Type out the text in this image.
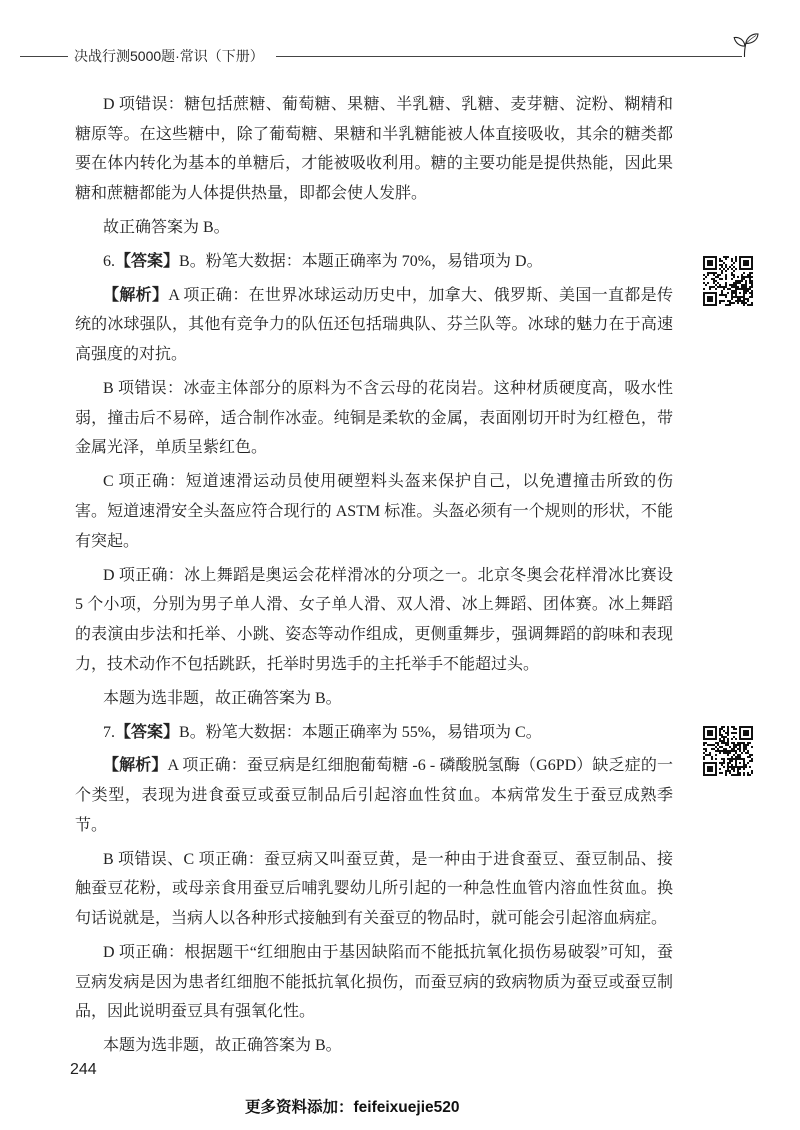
决战行测5000题·常识（下册）

D 项错误：糖包括蔗糖、葡萄糖、果糖、半乳糖、乳糖、麦芽糖、淀粉、糊精和糖原等。在这些糖中，除了葡萄糖、果糖和半乳糖能被人体直接吸收，其余的糖类都要在体内转化为基本的单糖后，才能被吸收利用。糖的主要功能是提供热能，因此果糖和蔗糖都能为人体提供热量，即都会使人发胖。

故正确答案为 B。

6.【答案】B。粉笔大数据：本题正确率为 70%，易错项为 D。

【解析】A 项正确：在世界冰球运动历史中，加拿大、俄罗斯、美国一直都是传统的冰球强队，其他有竞争力的队伍还包括瑞典队、芬兰队等。冰球的魅力在于高速高强度的对抗。

B 项错误：冰壶主体部分的原料为不含云母的花岗岩。这种材质硬度高，吸水性弱，撞击后不易碎，适合制作冰壶。纯铜是柔软的金属，表面刚切开时为红橙色，带金属光泽，单质呈紫红色。

C 项正确：短道速滑运动员使用硬塑料头盔来保护自己，以免遭撞击所致的伤害。短道速滑安全头盔应符合现行的 ASTM 标准。头盔必须有一个规则的形状，不能有突起。

D 项正确：冰上舞蹈是奥运会花样滑冰的分项之一。北京冬奥会花样滑冰比赛设 5 个小项，分别为男子单人滑、女子单人滑、双人滑、冰上舞蹈、团体赛。冰上舞蹈的表演由步法和托举、小跳、姿态等动作组成，更侧重舞步，强调舞蹈的韵味和表现力，技术动作不包括跳跃，托举时男选手的主托举手不能超过头。

本题为选非题，故正确答案为 B。

7.【答案】B。粉笔大数据：本题正确率为 55%，易错项为 C。

【解析】A 项正确：蚕豆病是红细胞葡萄糖 -6 - 磷酸脱氢酶（G6PD）缺乏症的一个类型，表现为进食蚕豆或蚕豆制品后引起溶血性贫血。本病常发生于蚕豆成熟季节。

B 项错误、C 项正确：蚕豆病又叫蚕豆黄，是一种由于进食蚕豆、蚕豆制品、接触蚕豆花粉，或母亲食用蚕豆后哺乳婴幼儿所引起的一种急性血管内溶血性贫血。换句话说就是，当病人以各种形式接触到有关蚕豆的物品时，就可能会引起溶血病症。

D 项正确：根据题干“红细胞由于基因缺陷而不能抵抗氧化损伤易破裂”可知，蚕豆病发病是因为患者红细胞不能抵抗氧化损伤，而蚕豆病的致病物质为蚕豆或蚕豆制品，因此说明蚕豆具有强氧化性。

本题为选非题，故正确答案为 B。

244
更多资料添加：feifeixuejie520
